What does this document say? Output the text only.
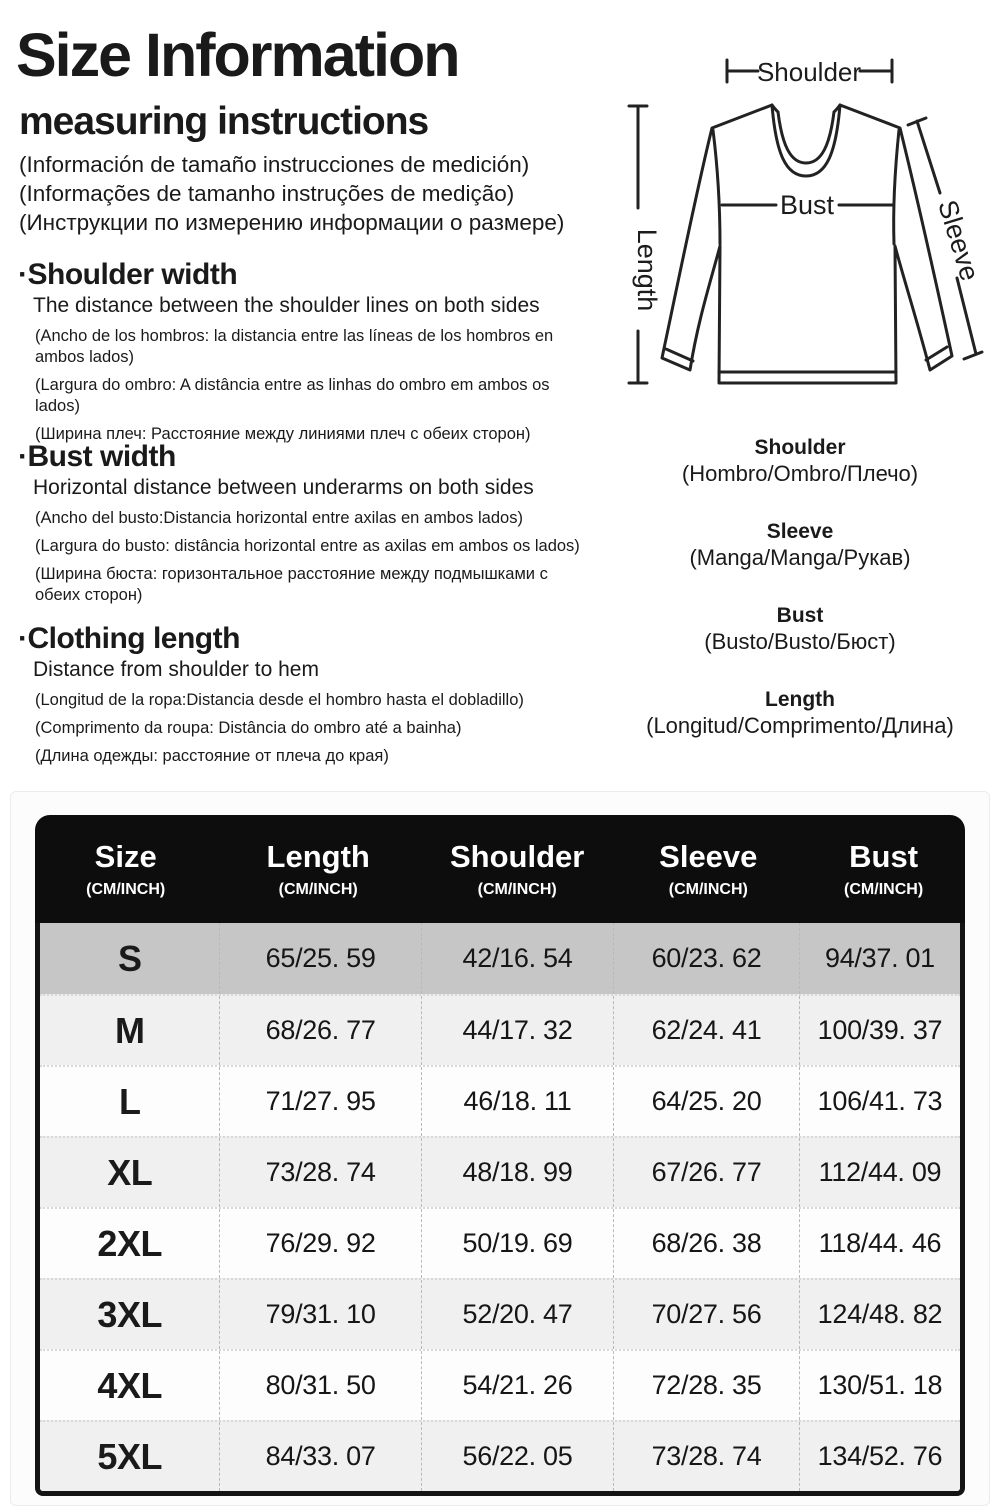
Size Information
measuring instructions
(Información de tamaño instrucciones de medición)
(Informações de tamanho instruções de medição)
(Инструкции по измерению информации о размере)
·Shoulder width

The distance between the shoulder lines on both sides

(Ancho de los hombros: la distancia entre las líneas de los hombros en ambos lados)

(Largura do ombro: A distância entre as linhas do ombro em ambos os lados)

(Ширина плеч: Расстояние между линиями плеч с обеих сторон)

·Bust width

Horizontal distance between underarms on both sides

(Ancho del busto:Distancia horizontal entre axilas en ambos lados)

(Largura do busto: distância horizontal entre as axilas em ambos os lados)

(Ширина бюста: горизонтальное расстояние между подмышками с обеих сторон)

·Clothing length

Distance from shoulder to hem

(Longitud de la ropa:Distancia desde el hombro hasta el dobladillo)

(Comprimento da roupa: Distância do ombro até a bainha)

(Длина одежды: расстояние от плеча до края)

Shoulder
Length
Bust	Sleeve
Shoulder
(Hombro/Ombro/Плечо)
Sleeve
(Manga/Manga/Рукав)
Bust
(Busto/Busto/Бюст)
Length
(Longitud/Comprimento/Длина)
Size
(CM/INCH)
Length
(CM/INCH)
Shoulder
(CM/INCH)
Sleeve
(CM/INCH)
Bust
(CM/INCH)
S	65/25. 59	42/16. 54	60/23. 62	94/37. 01
M	68/26. 77	44/17. 32	62/24. 41	100/39. 37
L	71/27. 95	46/18. 11	64/25. 20	106/41. 73
XL	73/28. 74	48/18. 99	67/26. 77	112/44. 09
2XL	76/29. 92	50/19. 69	68/26. 38	118/44. 46
3XL	79/31. 10	52/20. 47	70/27. 56	124/48. 82
4XL	80/31. 50	54/21. 26	72/28. 35	130/51. 18
5XL	84/33. 07	56/22. 05	73/28. 74	134/52. 76
